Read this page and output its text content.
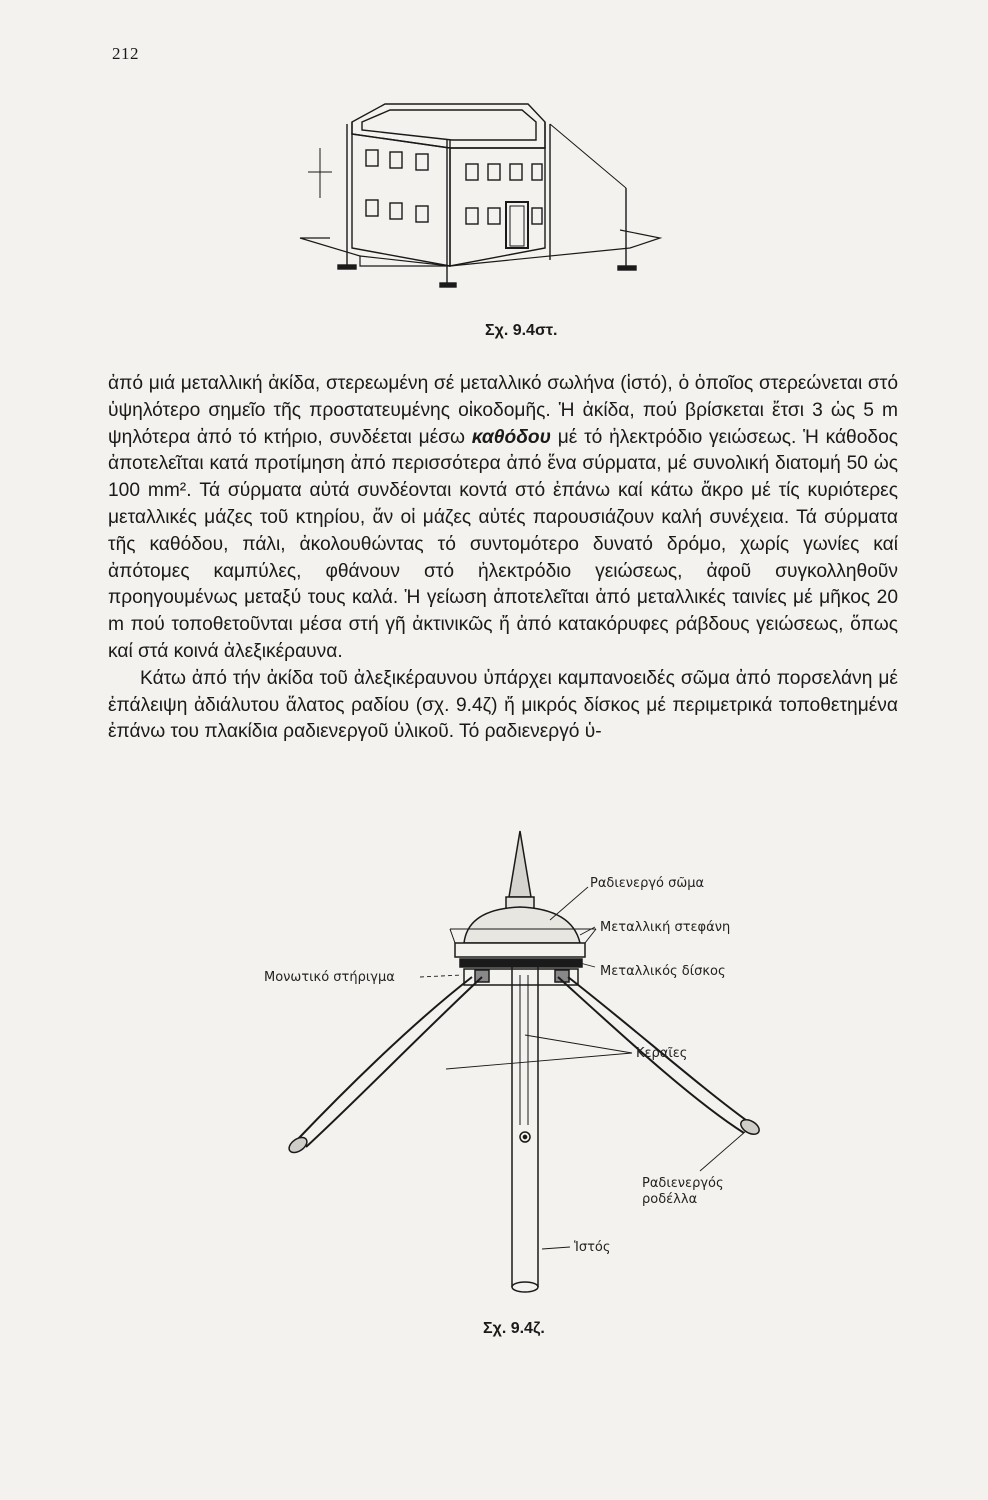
212
Σχ. 9.4στ.

ἀπό μιά μεταλλική ἀκίδα, στερεωμένη σέ μεταλλικό σωλήνα (ἱστό), ὁ ὁποῖος στερεώνεται στό ὑψηλότερο σημεῖο τῆς προστατευμένης οἰκοδομῆς. Ἡ ἀκίδα, πού βρίσκεται ἔτσι 3 ὡς 5 m ψηλότερα ἀπό τό κτήριο, συνδέεται μέσω καθόδου μέ τό ἠλεκτρόδιο γειώσεως. Ἡ κάθοδος ἀποτελεῖται κατά προτίμηση ἀπό περισσότερα ἀπό ἕνα σύρματα, μέ συνολική διατομή 50 ὡς 100 mm². Τά σύρματα αὐτά συνδέονται κοντά στό ἐπάνω καί κάτω ἄκρο μέ τίς κυριότερες μεταλλικές μάζες τοῦ κτηρίου, ἄν οἱ μάζες αὐτές παρουσιάζουν καλή συνέχεια. Τά σύρματα τῆς καθόδου, πάλι, ἀκολουθώντας τό συντομότερο δυνατό δρόμο, χωρίς γωνίες καί ἀπότομες καμπύλες, φθάνουν στό ἠλεκτρόδιο γειώσεως, ἀφοῦ συγκολληθοῦν προηγουμένως μεταξύ τους καλά. Ἡ γείωση ἀποτελεῖται ἀπό μεταλλικές ταινίες μέ μῆκος 20 m πού τοποθετοῦνται μέσα στή γῆ ἀκτινικῶς ἤ ἀπό κατακόρυφες ράβδους γειώσεως, ὅπως καί στά κοινά ἀλεξικέραυνα.

Κάτω ἀπό τήν ἀκίδα τοῦ ἀλεξικέραυνου ὑπάρχει καμπανοειδές σῶμα ἀπό πορσελάνη μέ ἐπάλειψη ἀδιάλυτου ἅλατος ραδίου (σχ. 9.4ζ) ἤ μικρός δίσκος μέ περιμετρικά τοποθετημένα ἐπάνω του πλακίδια ραδιενεργοῦ ὑλικοῦ. Τό ραδιενεργό ὑ-

Ραδιενεργό σῶμα
Μεταλλική στεφάνη
Μεταλλικός δίσκος
Μονωτικό στήριγμα
Κεραῖες
Ραδιενεργός
ροδέλλα
Ἱστός
Σχ. 9.4ζ.
